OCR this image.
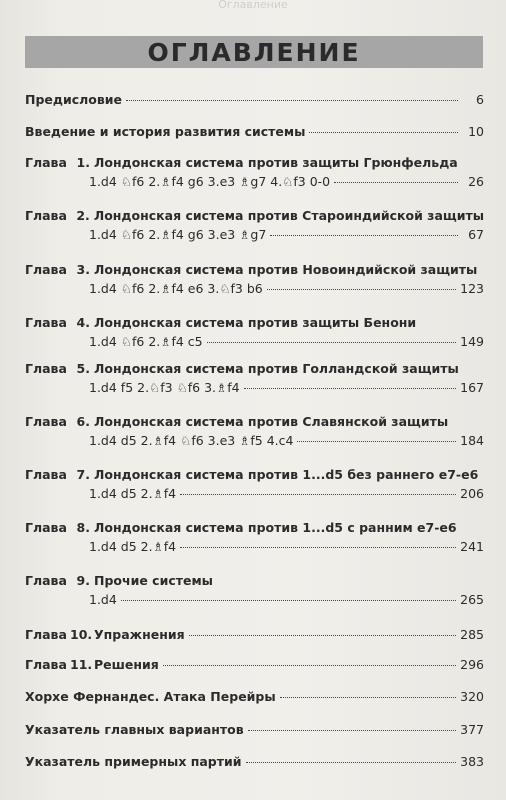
Оглавление
ОГЛАВЛЕНИЕ
Предисловие	6
Введение и история развития системы	10
Глава 1. Лондонская система против защиты Грюнфельда
1.d4 ♘f6 2.♗f4 g6 3.e3 ♗g7 4.♘f3 0-0	26
Глава 2. Лондонская система против Староиндийской защиты
1.d4 ♘f6 2.♗f4 g6 3.e3 ♗g7	67
Глава 3. Лондонская система против Новоиндийской защиты
1.d4 ♘f6 2.♗f4 e6 3.♘f3 b6	123
Глава 4. Лондонская система против защиты Бенони
1.d4 ♘f6 2.♗f4 c5	149
Глава 5. Лондонская система против Голландской защиты
1.d4 f5 2.♘f3 ♘f6 3.♗f4	167
Глава 6. Лондонская система против Славянской защиты
1.d4 d5 2.♗f4 ♘f6 3.e3 ♗f5 4.c4	184
Глава 7. Лондонская система против 1...d5 без раннего e7-e6
1.d4 d5 2.♗f4	206
Глава 8. Лондонская система против 1...d5 с ранним e7-e6
1.d4 d5 2.♗f4	241
Глава 9. Прочие системы
1.d4	265
Глава 10. Упражнения	285
Глава 11. Решения	296
Хорхе Фернандес. Атака Перейры	320
Указатель главных вариантов	377
Указатель примерных партий	383
